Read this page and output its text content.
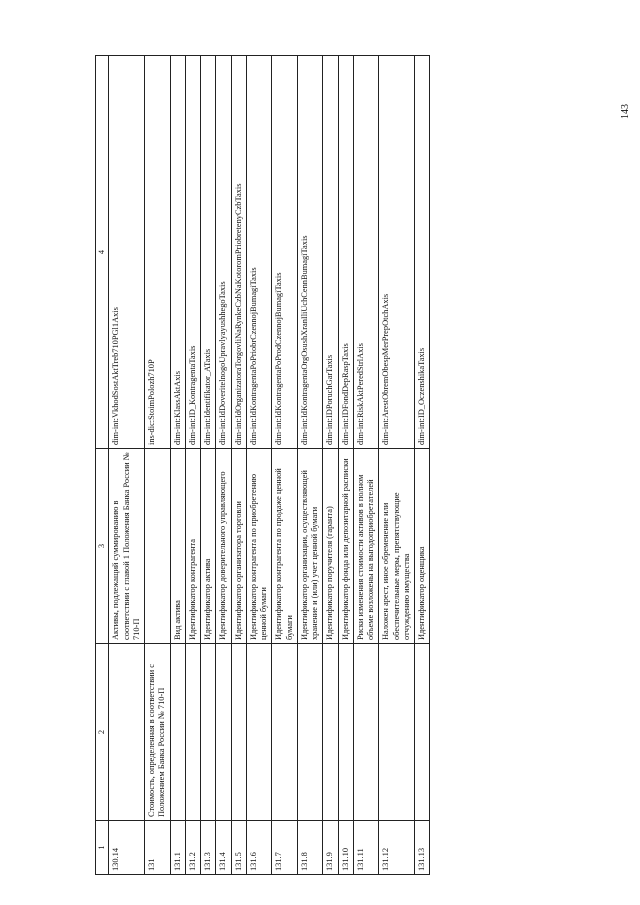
143
1	2	3	4
130.14		Активы, подлежащий суммированию в соответствии с главой 1 Положения Банка России № 710-П	dim-int:VkhodSostAktTreb710PGl1Axis
131	Стоимость, определенная в соответствии с Положением Банка России № 710-П		ins-dic:StoimPolozh710P
131.1		Вид актива	dim-int:KlassAktAxis
131.2		Идентификатор контрагента	dim-int:ID_KontragentaTaxis
131.3		Идентификатор актива	dim-int:Identifikator_ATaxis
131.4		Идентификатор доверительного управляющего	dim-int:IdDoveritelnogoUpravlyayushhegoTaxis
131.5		Идентификатор организатора торговли	dim-int:IdOrganizatoraTorgovliNaRynkeCzbNaKotoromPriobretenyCzbTaxis
131.6		Идентификатор контрагента по приобретению ценной бумаги	dim-int:IdKontragentaPoPriobrCzennojBumagiTaxis
131.7		Идентификатор контрагента по продаже ценной бумаги	dim-int:IdKontragentaPoProdCzennojBumagiTaxis
131.8		Идентификатор организации, осуществляющей хранение и (или) учет ценной бумаги	dim-int:IdKontragentaOrgOsushXranIliUchCennBumagiTaxis
131.9		Идентификатор поручителя (гаранта)	dim-int:IDPoruchGarTaxis
131.10		Идентификатор фонда или депозитарной расписки	dim-int:IDFondDepRaspTaxis
131.11		Риски изменения стоимости активов в полном объеме возложены на выгодоприобретателей	dim-int:RiskAktPeredStrlAxis
131.12		Наложен арест, иное обременение или обеспечительные меры, препятствующие отчуждению имущества	dim-int:ArestObremObespMerPrepOtchAxis
131.13		Идентификатор оценщика	dim-int:ID_OczenshikaTaxis
